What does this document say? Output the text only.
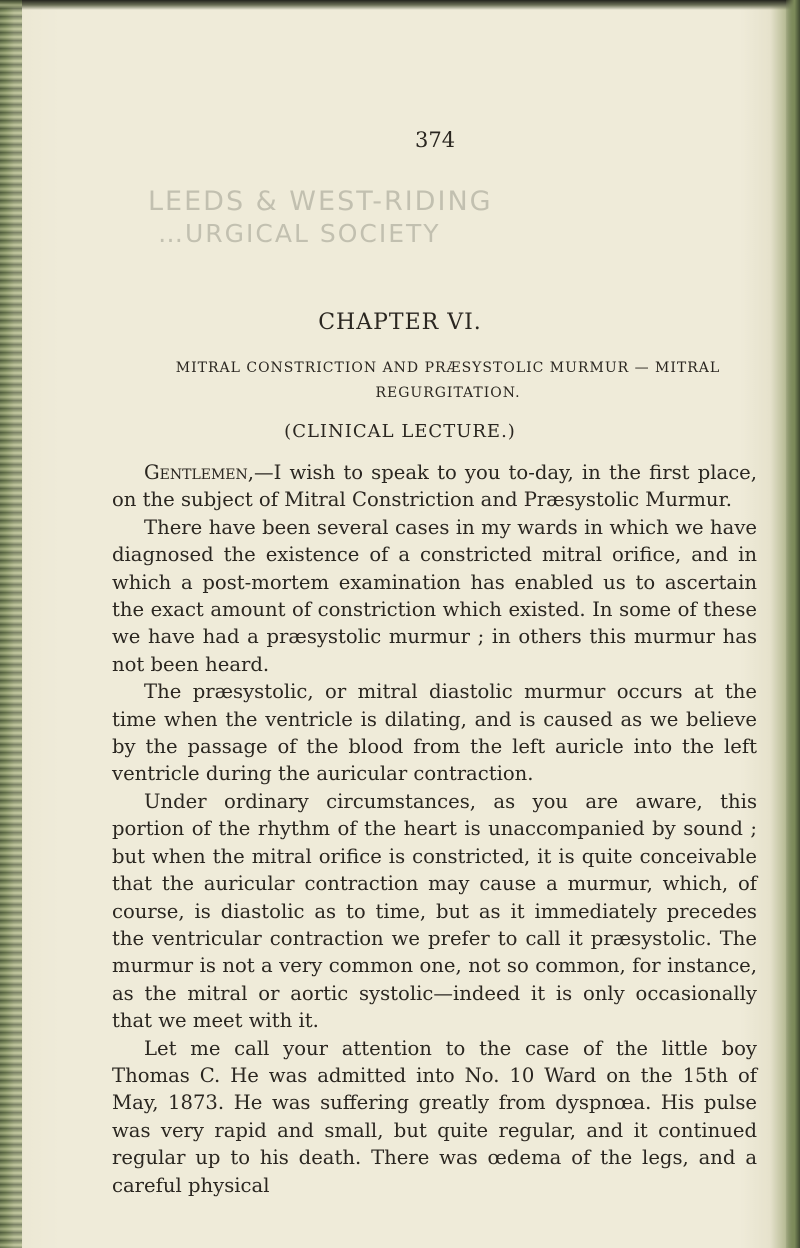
374
LEEDS & WEST-RIDING
…URGICAL SOCIETY
CHAPTER VI.
MITRAL CONSTRICTION AND PRÆSYSTOLIC MURMUR — MITRAL REGURGITATION.
(CLINICAL LECTURE.)

Gentlemen,—I wish to speak to you to-day, in the first place, on the subject of Mitral Constriction and Præsystolic Murmur.

There have been several cases in my wards in which we have diagnosed the existence of a constricted mitral orifice, and in which a post-mortem examination has enabled us to ascertain the exact amount of constriction which existed. In some of these we have had a præsystolic murmur ; in others this murmur has not been heard.

The præsystolic, or mitral diastolic murmur occurs at the time when the ventricle is dilating, and is caused as we believe by the passage of the blood from the left auricle into the left ventricle during the auricular contraction.

Under ordinary circumstances, as you are aware, this portion of the rhythm of the heart is unaccompanied by sound ; but when the mitral orifice is constricted, it is quite conceivable that the auricular contraction may cause a murmur, which, of course, is diastolic as to time, but as it immediately precedes the ventricular contraction we prefer to call it præsystolic. The murmur is not a very common one, not so common, for instance, as the mitral or aortic systolic—indeed it is only occasionally that we meet with it.

Let me call your attention to the case of the little boy Thomas C. He was admitted into No. 10 Ward on the 15th of May, 1873. He was suffering greatly from dyspnœa. His pulse was very rapid and small, but quite regular, and it continued regular up to his death. There was œdema of the legs, and a careful physical
